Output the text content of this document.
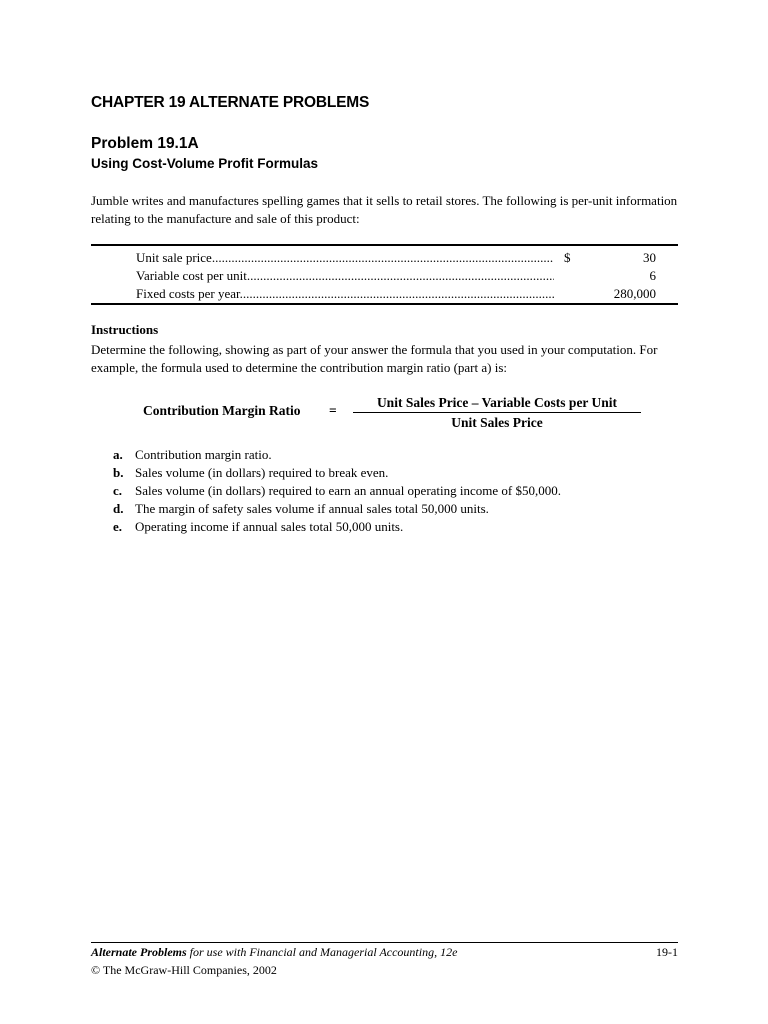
CHAPTER 19 ALTERNATE PROBLEMS
Problem 19.1A
Using Cost-Volume Profit Formulas
Jumble writes and manufactures spelling games that it sells to retail stores. The following is per-unit information relating to the manufacture and sale of this product:
Unit sale price .....	$	30
Variable cost per unit .....	6
Fixed costs per year .....	280,000
Instructions
Determine the following, showing as part of your answer the formula that you used in your computation. For example, the formula used to determine the contribution margin ratio (part a) is:
Contribution Margin Ratio =
Unit Sales Price – Variable Costs per Unit
Unit Sales Price
a. Contribution margin ratio.
b. Sales volume (in dollars) required to break even.
c. Sales volume (in dollars) required to earn an annual operating income of $50,000.
d. The margin of safety sales volume if annual sales total 50,000 units.
e. Operating income if annual sales total 50,000 units.
Alternate Problems for use with Financial and Managerial Accounting, 12e	19-1
© The McGraw-Hill Companies, 2002
